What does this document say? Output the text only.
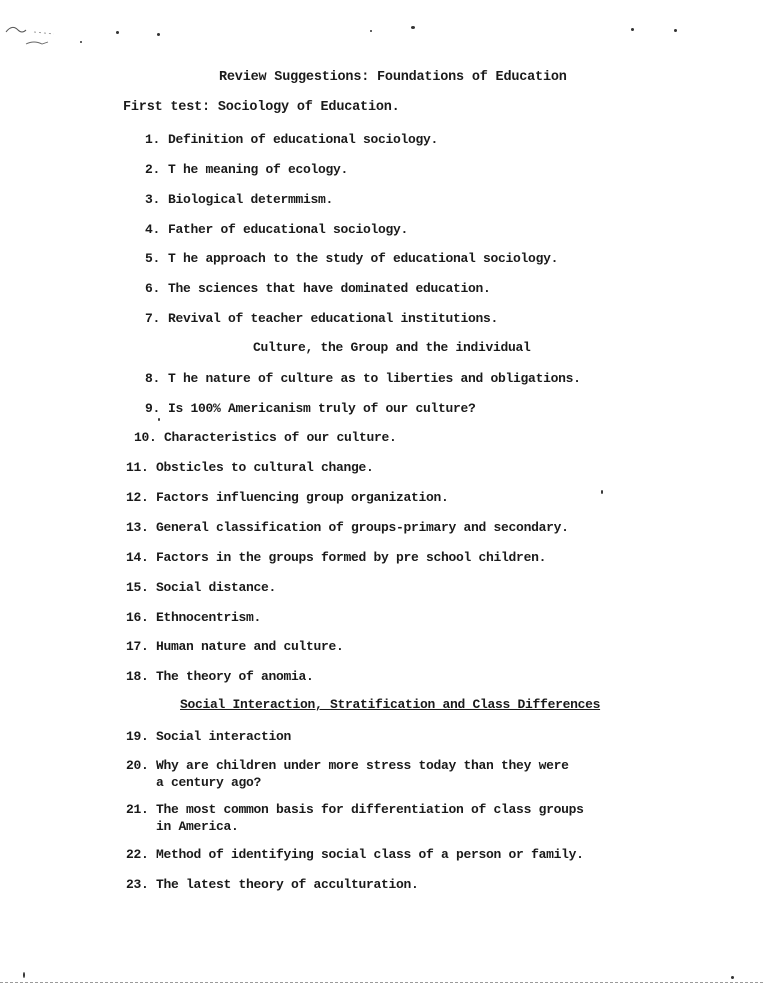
Review Suggestions: Foundations of Education
First test: Sociology of Education.
1. Definition of educational sociology.
2. T he meaning of ecology.
3. Biological determmism.
4. Father of educational sociology.
5. T he approach to the study of educational sociology.
6. The sciences that have dominated education.
7. Revival of teacher educational institutions.
Culture, the Group and the individual
8. T he nature of culture as to liberties and obligations.
9. Is 100% Americanism truly of our culture?
10. Characteristics of our culture.
11. Obsticles to cultural change.
12. Factors influencing group organization.
13. General classification of groups-primary and secondary.
14. Factors in the groups formed by pre school children.
15. Social distance.
16. Ethnocentrism.
17. Human nature and culture.
18. The theory of anomia.
Social Interaction, Stratification and Class Differences
19. Social interaction
20. Why are children under more stress today than they were
a century ago?
21. The most common basis for differentiation of class groups
in America.
22. Method of identifying social class of a person or family.
23. The latest theory of acculturation.
